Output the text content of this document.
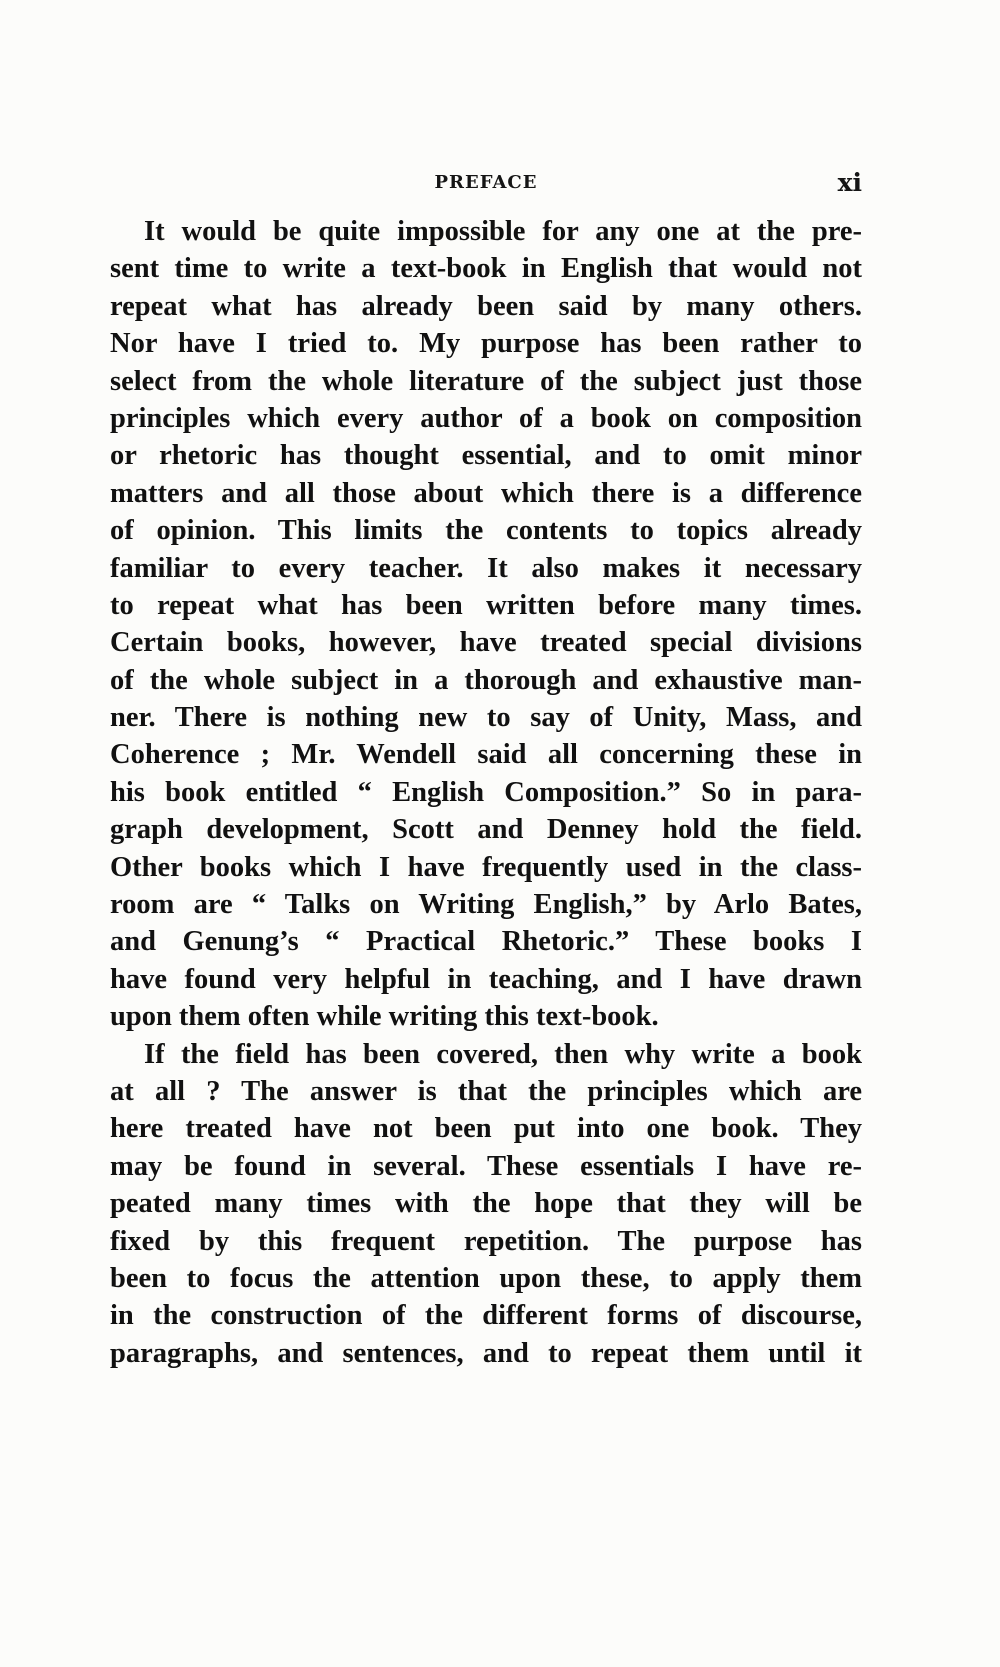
PREFACE	xi
It would be quite impossible for any one at the pre-
sent time to write a text-book in English that would not
repeat what has already been said by many others.
Nor have I tried to. My purpose has been rather to
select from the whole literature of the subject just those
principles which every author of a book on composition
or rhetoric has thought essential, and to omit minor
matters and all those about which there is a difference
of opinion. This limits the contents to topics already
familiar to every teacher. It also makes it necessary
to repeat what has been written before many times.
Certain books, however, have treated special divisions
of the whole subject in a thorough and exhaustive man-
ner. There is nothing new to say of Unity, Mass, and
Coherence ; Mr. Wendell said all concerning these in
his book entitled “ English Composition.” So in para-
graph development, Scott and Denney hold the field.
Other books which I have frequently used in the class-
room are “ Talks on Writing English,” by Arlo Bates,
and Genung’s “ Practical Rhetoric.” These books I
have found very helpful in teaching, and I have drawn
upon them often while writing this text-book.
If the field has been covered, then why write a book
at all ? The answer is that the principles which are
here treated have not been put into one book. They
may be found in several. These essentials I have re-
peated many times with the hope that they will be
fixed by this frequent repetition. The purpose has
been to focus the attention upon these, to apply them
in the construction of the different forms of discourse,
paragraphs, and sentences, and to repeat them until it
